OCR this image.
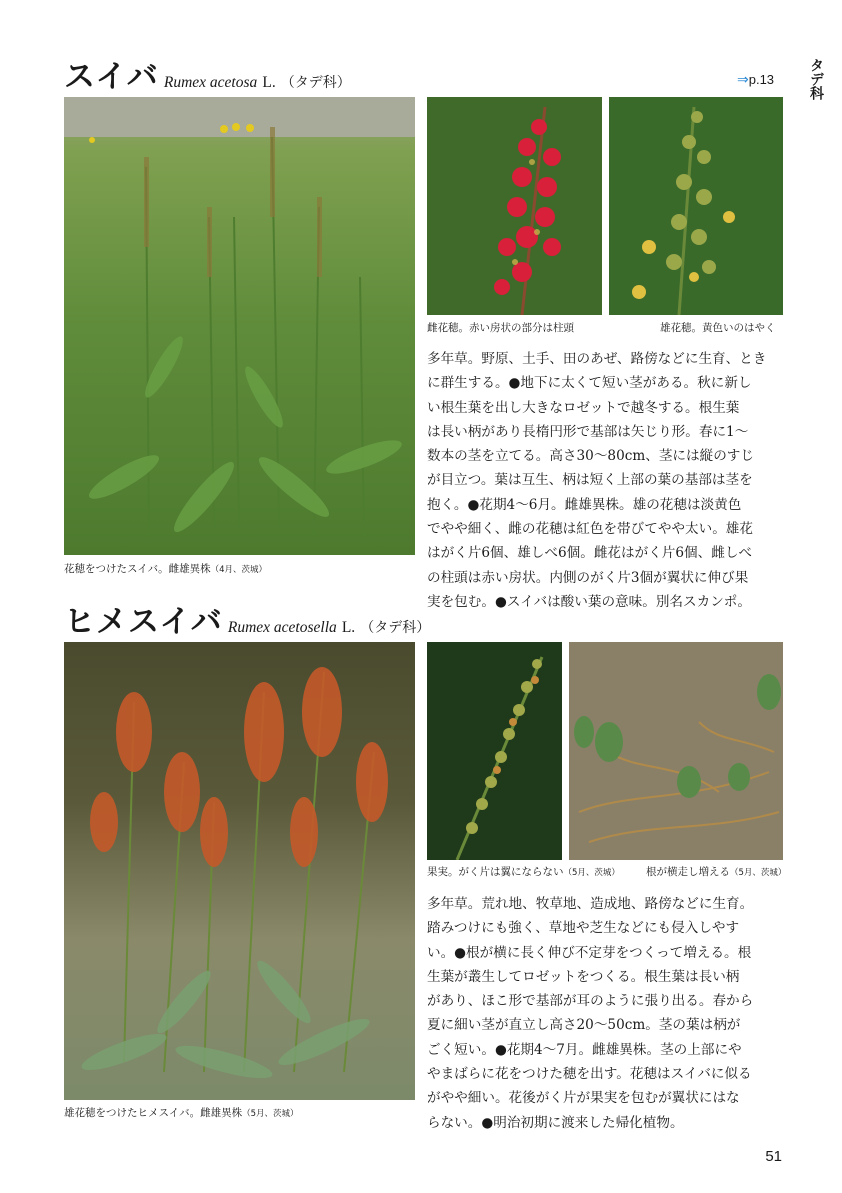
タデ科
スイバ Rumex acetosa L. （タデ科）	⇒p.13
花穂をつけたスイバ。雌雄異株（4月、茨城）
雌花穂。赤い房状の部分は柱頭	雄花穂。黄色いのはやく
多年草。野原、土手、田のあぜ、路傍などに生育、とき
に群生する。●地下に太くて短い茎がある。秋に新し
い根生葉を出し大きなロゼットで越冬する。根生葉
は長い柄があり長楕円形で基部は矢じり形。春に1〜
数本の茎を立てる。高さ30〜80cm、茎には縦のすじ
が目立つ。葉は互生、柄は短く上部の葉の基部は茎を
抱く。●花期4〜6月。雌雄異株。雄の花穂は淡黄色
でやや細く、雌の花穂は紅色を帯びてやや太い。雄花
はがく片6個、雄しべ6個。雌花はがく片6個、雌しべ
の柱頭は赤い房状。内側のがく片3個が翼状に伸び果
実を包む。●スイバは酸い葉の意味。別名スカンポ。
ヒメスイバ Rumex acetosella L. （タデ科）
雄花穂をつけたヒメスイバ。雌雄異株（5月、茨城）
果実。がく片は翼にならない（5月、茨城） 根が横走し増える（5月、茨城）
多年草。荒れ地、牧草地、造成地、路傍などに生育。
踏みつけにも強く、草地や芝生などにも侵入しやす
い。●根が横に長く伸び不定芽をつくって増える。根
生葉が叢生してロゼットをつくる。根生葉は長い柄
があり、ほこ形で基部が耳のように張り出る。春から
夏に細い茎が直立し高さ20〜50cm。茎の葉は柄が
ごく短い。●花期4〜7月。雌雄異株。茎の上部にや
やまばらに花をつけた穂を出す。花穂はスイバに似る
がやや細い。花後がく片が果実を包むが翼状にはな
らない。●明治初期に渡来した帰化植物。
51
